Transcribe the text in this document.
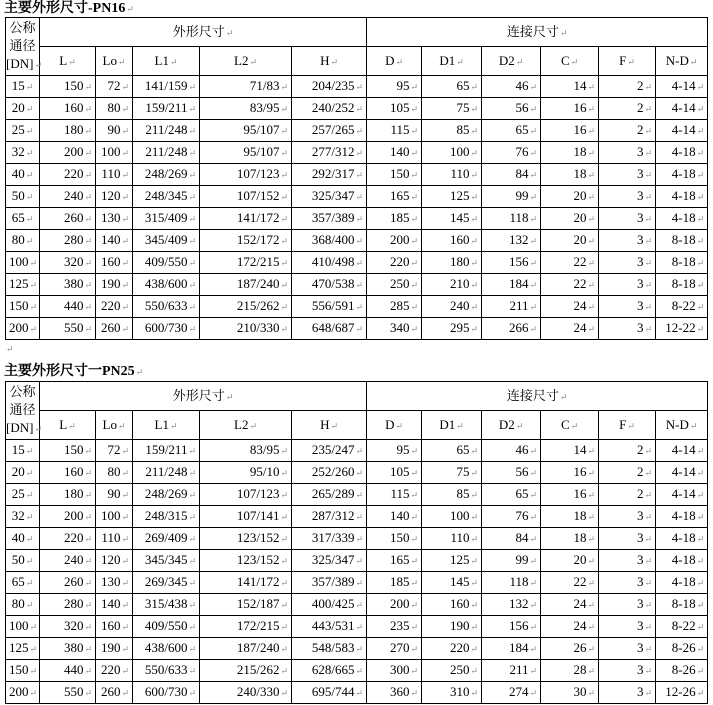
主要外形尺寸-PN16↵
公称
通径
[DN]↵	外形尺寸↵					连接尺寸↵					
	L↵	Lo↵	L1↵	L2↵	H↵	D↵	D1↵	D2↵	C↵	F↵	N-D↵
15↵	150↵	72↵	141/159↵	71/83↵	204/235↵	95↵	65↵	46↵	14↵	2↵	4-14↵
20↵	160↵	80↵	159/211↵	83/95↵	240/252↵	105↵	75↵	56↵	16↵	2↵	4-14↵
25↵	180↵	90↵	211/248↵	95/107↵	257/265↵	115↵	85↵	65↵	16↵	2↵	4-14↵
32↵	200↵	100↵	211/248↵	95/107↵	277/312↵	140↵	100↵	76↵	18↵	3↵	4-18↵
40↵	220↵	110↵	248/269↵	107/123↵	292/317↵	150↵	110↵	84↵	18↵	3↵	4-18↵
50↵	240↵	120↵	248/345↵	107/152↵	325/347↵	165↵	125↵	99↵	20↵	3↵	4-18↵
65↵	260↵	130↵	315/409↵	141/172↵	357/389↵	185↵	145↵	118↵	20↵	3↵	4-18↵
80↵	280↵	140↵	345/409↵	152/172↵	368/400↵	200↵	160↵	132↵	20↵	3↵	8-18↵
100↵	320↵	160↵	409/550↵	172/215↵	410/498↵	220↵	180↵	156↵	22↵	3↵	8-18↵
125↵	380↵	190↵	438/600↵	187/240↵	470/538↵	250↵	210↵	184↵	22↵	3↵	8-18↵
150↵	440↵	220↵	550/633↵	215/262↵	556/591↵	285↵	240↵	211↵	24↵	3↵	8-22↵
200↵	550↵	260↵	600/730↵	210/330↵	648/687↵	340↵	295↵	266↵	24↵	3↵	12-22↵
↵
主要外形尺寸一PN25↵
公称
通径
[DN]↵	外形尺寸↵					连接尺寸↵					
	L↵	Lo↵	L1↵	L2↵	H↵	D↵	D1↵	D2↵	C↵	F↵	N-D↵
15↵	150↵	72↵	159/211↵	83/95↵	235/247↵	95↵	65↵	46↵	14↵	2↵	4-14↵
20↵	160↵	80↵	211/248↵	95/10↵	252/260↵	105↵	75↵	56↵	16↵	2↵	4-14↵
25↵	180↵	90↵	248/269↵	107/123↵	265/289↵	115↵	85↵	65↵	16↵	2↵	4-14↵
32↵	200↵	100↵	248/315↵	107/141↵	287/312↵	140↵	100↵	76↵	18↵	3↵	4-18↵
40↵	220↵	110↵	269/409↵	123/152↵	317/339↵	150↵	110↵	84↵	18↵	3↵	4-18↵
50↵	240↵	120↵	345/345↵	123/152↵	325/347↵	165↵	125↵	99↵	20↵	3↵	4-18↵
65↵	260↵	130↵	269/345↵	141/172↵	357/389↵	185↵	145↵	118↵	22↵	3↵	4-18↵
80↵	280↵	140↵	315/438↵	152/187↵	400/425↵	200↵	160↵	132↵	24↵	3↵	8-18↵
100↵	320↵	160↵	409/550↵	172/215↵	443/531↵	235↵	190↵	156↵	24↵	3↵	8-22↵
125↵	380↵	190↵	438/600↵	187/240↵	548/583↵	270↵	220↵	184↵	26↵	3↵	8-26↵
150↵	440↵	220↵	550/633↵	215/262↵	628/665↵	300↵	250↵	211↵	28↵	3↵	8-26↵
200↵	550↵	260↵	600/730↵	240/330↵	695/744↵	360↵	310↵	274↵	30↵	3↵	12-26↵
